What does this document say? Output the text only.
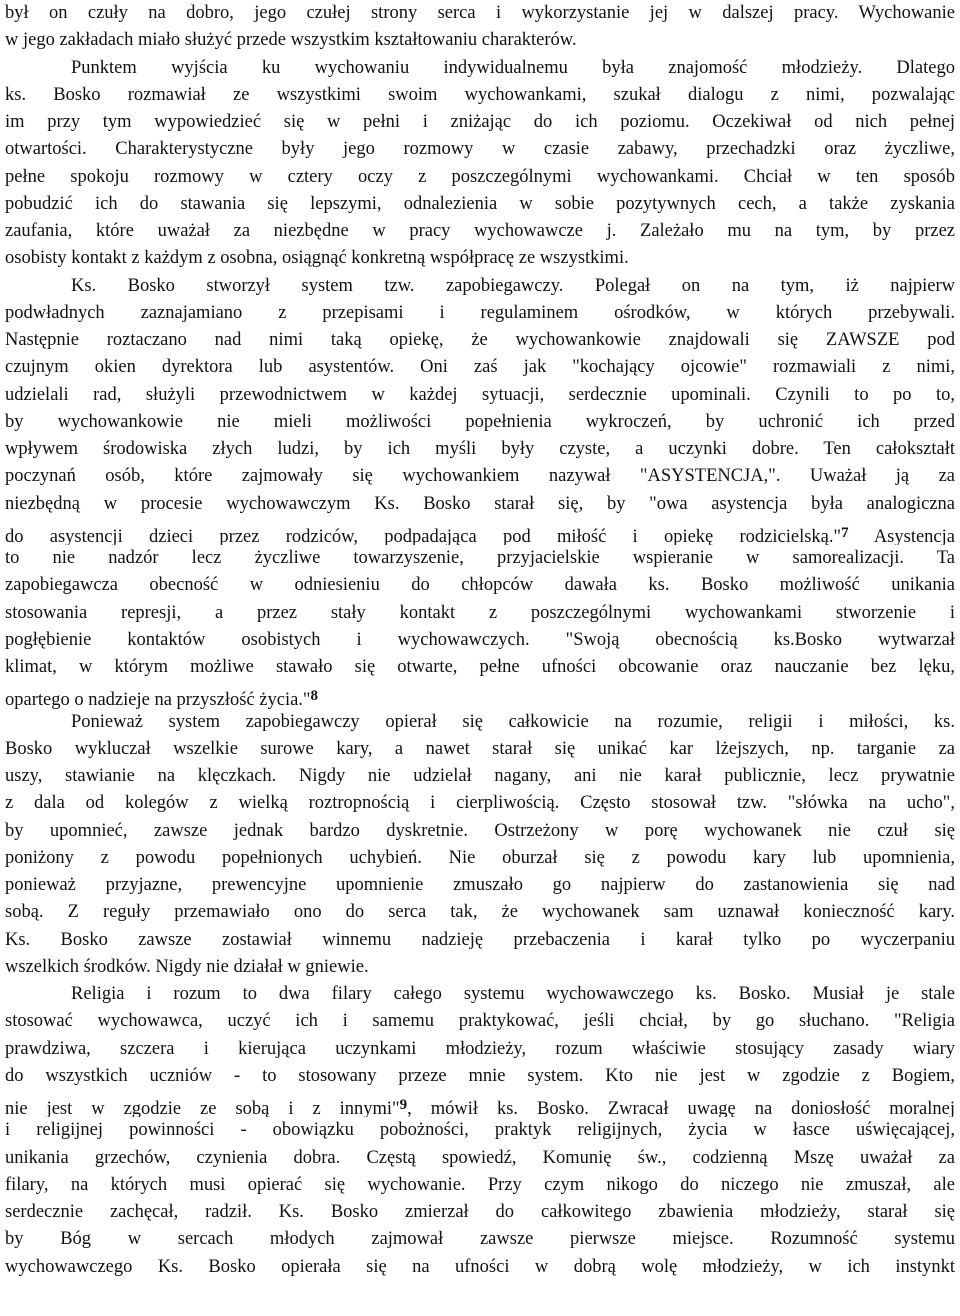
był on czuły na dobro, jego czułej strony serca i wykorzystanie jej w dalszej pracy. Wychowanie
w jego zakładach miało służyć przede wszystkim kształtowaniu charakterów.
Punktem wyjścia ku wychowaniu indywidualnemu była znajomość młodzieży. Dlatego
ks. Bosko rozmawiał ze wszystkimi swoim wychowankami, szukał dialogu z nimi, pozwalając
im przy tym wypowiedzieć się w pełni i zniżając do ich poziomu. Oczekiwał od nich pełnej
otwartości. Charakterystyczne były jego rozmowy w czasie zabawy, przechadzki oraz życzliwe,
pełne spokoju rozmowy w cztery oczy z poszczególnymi wychowankami. Chciał w ten sposób
pobudzić ich do stawania się lepszymi, odnalezienia w sobie pozytywnych cech, a także zyskania
zaufania, które uważał za niezbędne w pracy wychowawcze j. Zależało mu na tym, by przez
osobisty kontakt z każdym z osobna, osiągnąć konkretną współpracę ze wszystkimi.
Ks. Bosko stworzył system tzw. zapobiegawczy. Polegał on na tym, iż najpierw
podwładnych zaznajamiano z przepisami i regulaminem ośrodków, w których przebywali.
Następnie roztaczano nad nimi taką opiekę, że wychowankowie znajdowali się ZAWSZE pod
czujnym okien dyrektora lub asystentów. Oni zaś jak "kochający ojcowie" rozmawiali z nimi,
udzielali rad, służyli przewodnictwem w każdej sytuacji, serdecznie upominali. Czynili to po to,
by wychowankowie nie mieli możliwości popełnienia wykroczeń, by uchronić ich przed
wpływem środowiska złych ludzi, by ich myśli były czyste, a uczynki dobre. Ten całokształt
poczynań osób, które zajmowały się wychowankiem nazywał "ASYSTENCJA,". Uważał ją za
niezbędną w procesie wychowawczym Ks. Bosko starał się, by "owa asystencja była analogiczna
do asystencji dzieci przez rodziców, podpadająca pod miłość i opiekę rodzicielską."$^7$ Asystencja
to nie nadzór lecz życzliwe towarzyszenie, przyjacielskie wspieranie w samorealizacji. Ta
zapobiegawcza obecność w odniesieniu do chłopców dawała ks. Bosko możliwość unikania
stosowania represji, a przez stały kontakt z poszczególnymi wychowankami stworzenie i
pogłębienie kontaktów osobistych i wychowawczych. "Swoją obecnością ks.Bosko wytwarzał
klimat, w którym możliwe stawało się otwarte, pełne ufności obcowanie oraz nauczanie bez lęku,
opartego o nadzieje na przyszłość życia."$^8$
Ponieważ system zapobiegawczy opierał się całkowicie na rozumie, religii i miłości, ks.
Bosko wykluczał wszelkie surowe kary, a nawet starał się unikać kar lżejszych, np. targanie za
uszy, stawianie na klęczkach. Nigdy nie udzielał nagany, ani nie karał publicznie, lecz prywatnie
z dala od kolegów z wielką roztropnością i cierpliwością. Często stosował tzw. "słówka na ucho",
by upomnieć, zawsze jednak bardzo dyskretnie. Ostrzeżony w porę wychowanek nie czuł się
poniżony z powodu popełnionych uchybień. Nie oburzał się z powodu kary lub upomnienia,
ponieważ przyjazne, prewencyjne upomnienie zmuszało go najpierw do zastanowienia się nad
sobą. Z reguły przemawiało ono do serca tak, że wychowanek sam uznawał konieczność kary.
Ks. Bosko zawsze zostawiał winnemu nadzieję przebaczenia i karał tylko po wyczerpaniu
wszelkich środków. Nigdy nie działał w gniewie.
Religia i rozum to dwa filary całego systemu wychowawczego ks. Bosko. Musiał je stale
stosować wychowawca, uczyć ich i samemu praktykować, jeśli chciał, by go słuchano. "Religia
prawdziwa, szczera i kierująca uczynkami młodzieży, rozum właściwie stosujący zasady wiary
do wszystkich uczniów - to stosowany przeze mnie system. Kto nie jest w zgodzie z Bogiem,
nie jest w zgodzie ze sobą i z innymi"$^9$, mówił ks. Bosko. Zwracał uwagę na doniosłość moralnej
i religijnej powinności - obowiązku pobożności, praktyk religijnych, życia w łasce uświęcającej,
unikania grzechów, czynienia dobra. Częstą spowiedź, Komunię św., codzienną Mszę uważał za
filary, na których musi opierać się wychowanie. Przy czym nikogo do niczego nie zmuszał, ale
serdecznie zachęcał, radził. Ks. Bosko zmierzał do całkowitego zbawienia młodzieży, starał się
by Bóg w sercach młodych zajmował zawsze pierwsze miejsce. Rozumność systemu
wychowawczego Ks. Bosko opierała się na ufności w dobrą wolę młodzieży, w ich instynkt
